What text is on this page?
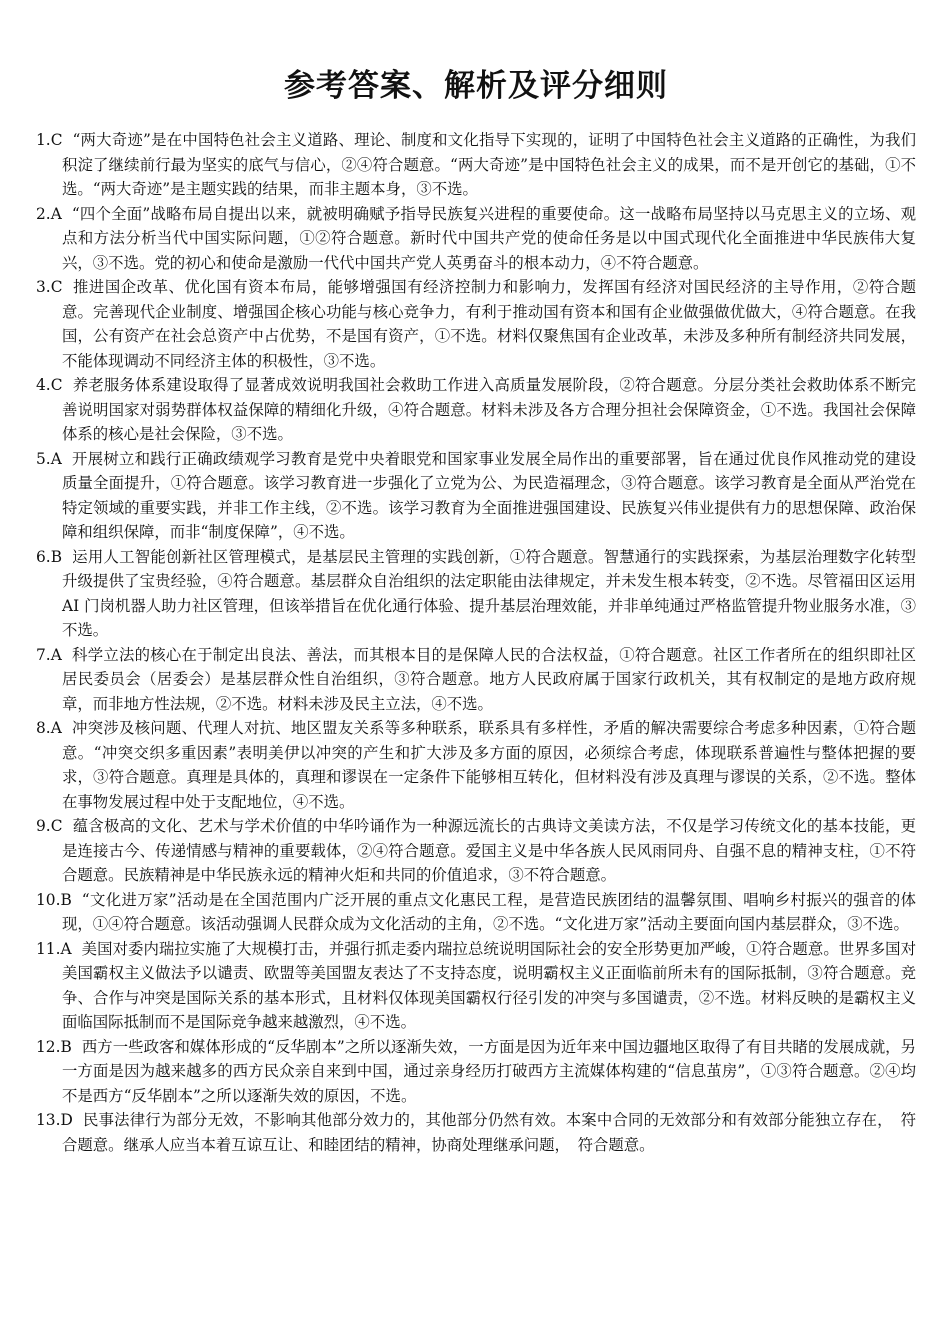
参考答案、解析及评分细则
1.C “两大奇迹”是在中国特色社会主义道路、理论、制度和文化指导下实现的，证明了中国特色社会主义道路的正确性，为我们积淀了继续前行最为坚实的底气与信心，②④符合题意。“两大奇迹”是中国特色社会主义的成果，而不是开创它的基础，①不选。“两大奇迹”是主题实践的结果，而非主题本身，③不选。
2.A “四个全面”战略布局自提出以来，就被明确赋予指导民族复兴进程的重要使命。这一战略布局坚持以马克思主义的立场、观点和方法分析当代中国实际问题，①②符合题意。新时代中国共产党的使命任务是以中国式现代化全面推进中华民族伟大复兴，③不选。党的初心和使命是激励一代代中国共产党人英勇奋斗的根本动力，④不符合题意。
3.C 推进国企改革、优化国有资本布局，能够增强国有经济控制力和影响力，发挥国有经济对国民经济的主导作用，②符合题意。完善现代企业制度、增强国企核心功能与核心竞争力，有利于推动国有资本和国有企业做强做优做大，④符合题意。在我国，公有资产在社会总资产中占优势，不是国有资产，①不选。材料仅聚焦国有企业改革，未涉及多种所有制经济共同发展，不能体现调动不同经济主体的积极性，③不选。
4.C 养老服务体系建设取得了显著成效说明我国社会救助工作进入高质量发展阶段，②符合题意。分层分类社会救助体系不断完善说明国家对弱势群体权益保障的精细化升级，④符合题意。材料未涉及各方合理分担社会保障资金，①不选。我国社会保障体系的核心是社会保险，③不选。
5.A 开展树立和践行正确政绩观学习教育是党中央着眼党和国家事业发展全局作出的重要部署，旨在通过优良作风推动党的建设质量全面提升，①符合题意。该学习教育进一步强化了立党为公、为民造福理念，③符合题意。该学习教育是全面从严治党在特定领域的重要实践，并非工作主线，②不选。该学习教育为全面推进强国建设、民族复兴伟业提供有力的思想保障、政治保障和组织保障，而非“制度保障”，④不选。
6.B 运用人工智能创新社区管理模式，是基层民主管理的实践创新，①符合题意。智慧通行的实践探索，为基层治理数字化转型升级提供了宝贵经验，④符合题意。基层群众自治组织的法定职能由法律规定，并未发生根本转变，②不选。尽管福田区运用 AI 门岗机器人助力社区管理，但该举措旨在优化通行体验、提升基层治理效能，并非单纯通过严格监管提升物业服务水准，③不选。
7.A 科学立法的核心在于制定出良法、善法，而其根本目的是保障人民的合法权益，①符合题意。社区工作者所在的组织即社区居民委员会（居委会）是基层群众性自治组织，③符合题意。地方人民政府属于国家行政机关，其有权制定的是地方政府规章，而非地方性法规，②不选。材料未涉及民主立法，④不选。
8.A 冲突涉及核问题、代理人对抗、地区盟友关系等多种联系，联系具有多样性，矛盾的解决需要综合考虑多种因素，①符合题意。“冲突交织多重因素”表明美伊以冲突的产生和扩大涉及多方面的原因，必须综合考虑，体现联系普遍性与整体把握的要求，③符合题意。真理是具体的，真理和谬误在一定条件下能够相互转化，但材料没有涉及真理与谬误的关系，②不选。整体在事物发展过程中处于支配地位，④不选。
9.C 蕴含极高的文化、艺术与学术价值的中华吟诵作为一种源远流长的古典诗文美读方法，不仅是学习传统文化的基本技能，更是连接古今、传递情感与精神的重要载体，②④符合题意。爱国主义是中华各族人民风雨同舟、自强不息的精神支柱，①不符合题意。民族精神是中华民族永远的精神火炬和共同的价值追求，③不符合题意。
10.B “文化进万家”活动是在全国范围内广泛开展的重点文化惠民工程，是营造民族团结的温馨氛围、唱响乡村振兴的强音的体现，①④符合题意。该活动强调人民群众成为文化活动的主角，②不选。“文化进万家”活动主要面向国内基层群众，③不选。
11.A 美国对委内瑞拉实施了大规模打击，并强行抓走委内瑞拉总统说明国际社会的安全形势更加严峻，①符合题意。世界多国对美国霸权主义做法予以谴责、欧盟等美国盟友表达了不支持态度，说明霸权主义正面临前所未有的国际抵制，③符合题意。竞争、合作与冲突是国际关系的基本形式，且材料仅体现美国霸权行径引发的冲突与多国谴责，②不选。材料反映的是霸权主义面临国际抵制而不是国际竞争越来越激烈，④不选。
12.B 西方一些政客和媒体形成的“反华剧本”之所以逐渐失效，一方面是因为近年来中国边疆地区取得了有目共睹的发展成就，另一方面是因为越来越多的西方民众亲自来到中国，通过亲身经历打破西方主流媒体构建的“信息茧房”，①③符合题意。②④均不是西方“反华剧本”之所以逐渐失效的原因，不选。
13.D 民事法律行为部分无效，不影响其他部分效力的，其他部分仍然有效。本案中合同的无效部分和有效部分能独立存在，　符合题意。继承人应当本着互谅互让、和睦团结的精神，协商处理继承问题，　符合题意。
